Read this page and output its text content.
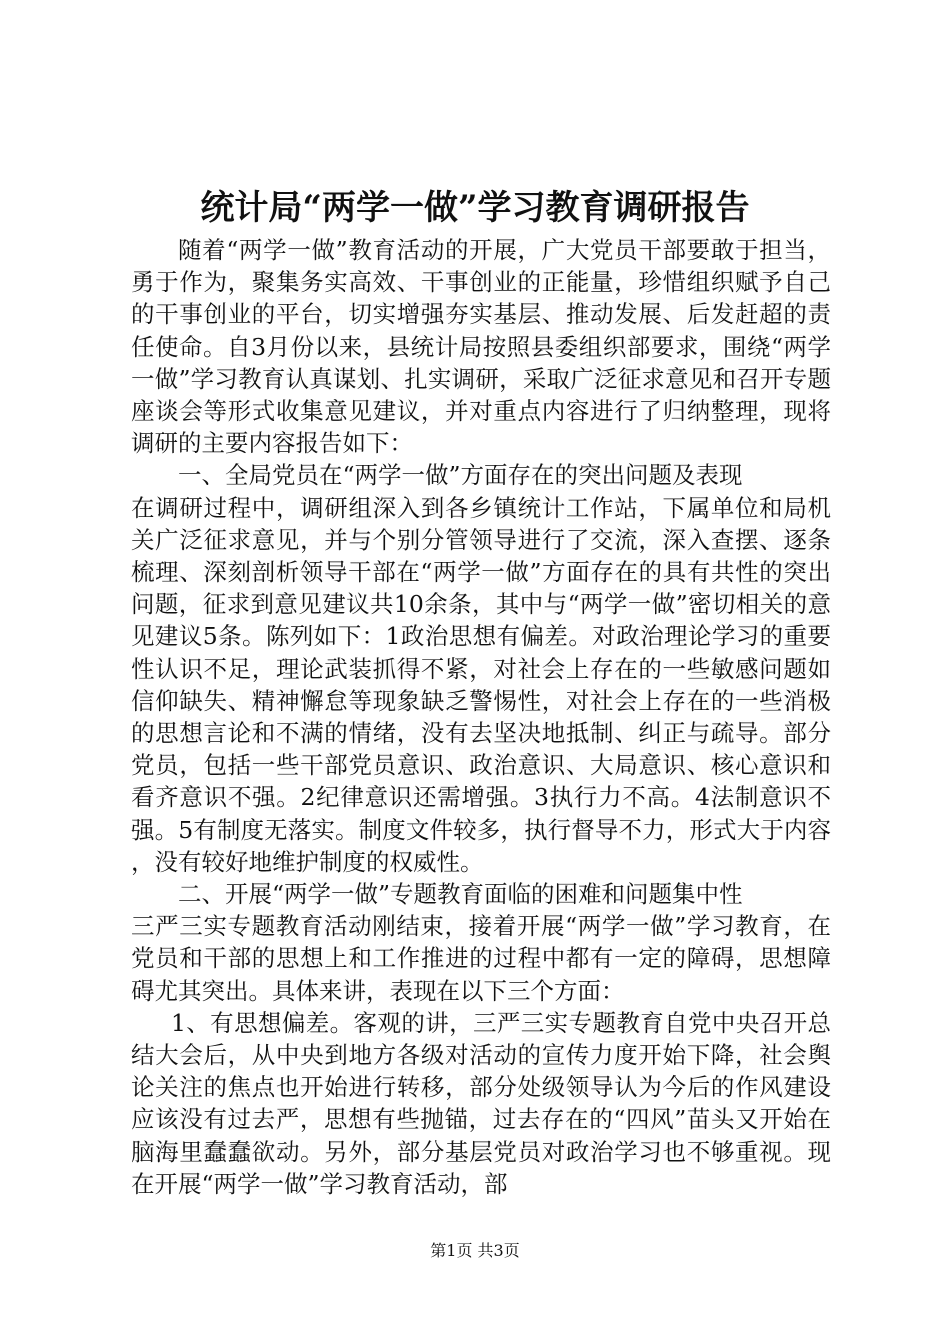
统计局“两学一做”学习教育调研报告

随着“两学一做”教育活动的开展，广大党员干部要敢于担当，勇于作为，聚集务实高效、干事创业的正能量，珍惜组织赋予自己的干事创业的平台，切实增强夯实基层、推动发展、后发赶超的责任使命。自3月份以来，县统计局按照县委组织部要求，围绕“两学一做”学习教育认真谋划、扎实调研，采取广泛征求意见和召开专题座谈会等形式收集意见建议，并对重点内容进行了归纳整理，现将调研的主要内容报告如下：

一、全局党员在“两学一做”方面存在的突出问题及表现

在调研过程中，调研组深入到各乡镇统计工作站，下属单位和局机关广泛征求意见，并与个别分管领导进行了交流，深入查摆、逐条梳理、深刻剖析领导干部在“两学一做”方面存在的具有共性的突出问题，征求到意见建议共10余条，其中与“两学一做”密切相关的意见建议5条。陈列如下：1政治思想有偏差。对政治理论学习的重要性认识不足，理论武装抓得不紧，对社会上存在的一些敏感问题如信仰缺失、精神懈怠等现象缺乏警惕性，对社会上存在的一些消极的思想言论和不满的情绪，没有去坚决地抵制、纠正与疏导。部分党员，包括一些干部党员意识、政治意识、大局意识、核心意识和看齐意识不强。2纪律意识还需增强。3执行力不高。4法制意识不强。5有制度无落实。制度文件较多，执行督导不力，形式大于内容，没有较好地维护制度的权威性。

二、开展“两学一做”专题教育面临的困难和问题集中性

三严三实专题教育活动刚结束，接着开展“两学一做”学习教育，在党员和干部的思想上和工作推进的过程中都有一定的障碍，思想障碍尤其突出。具体来讲，表现在以下三个方面：

1、有思想偏差。客观的讲，三严三实专题教育自党中央召开总结大会后，从中央到地方各级对活动的宣传力度开始下降，社会舆论关注的焦点也开始进行转移，部分处级领导认为今后的作风建设应该没有过去严，思想有些抛锚，过去存在的“四风”苗头又开始在脑海里蠢蠢欲动。另外，部分基层党员对政治学习也不够重视。现在开展“两学一做”学习教育活动，部

第1页 共3页
